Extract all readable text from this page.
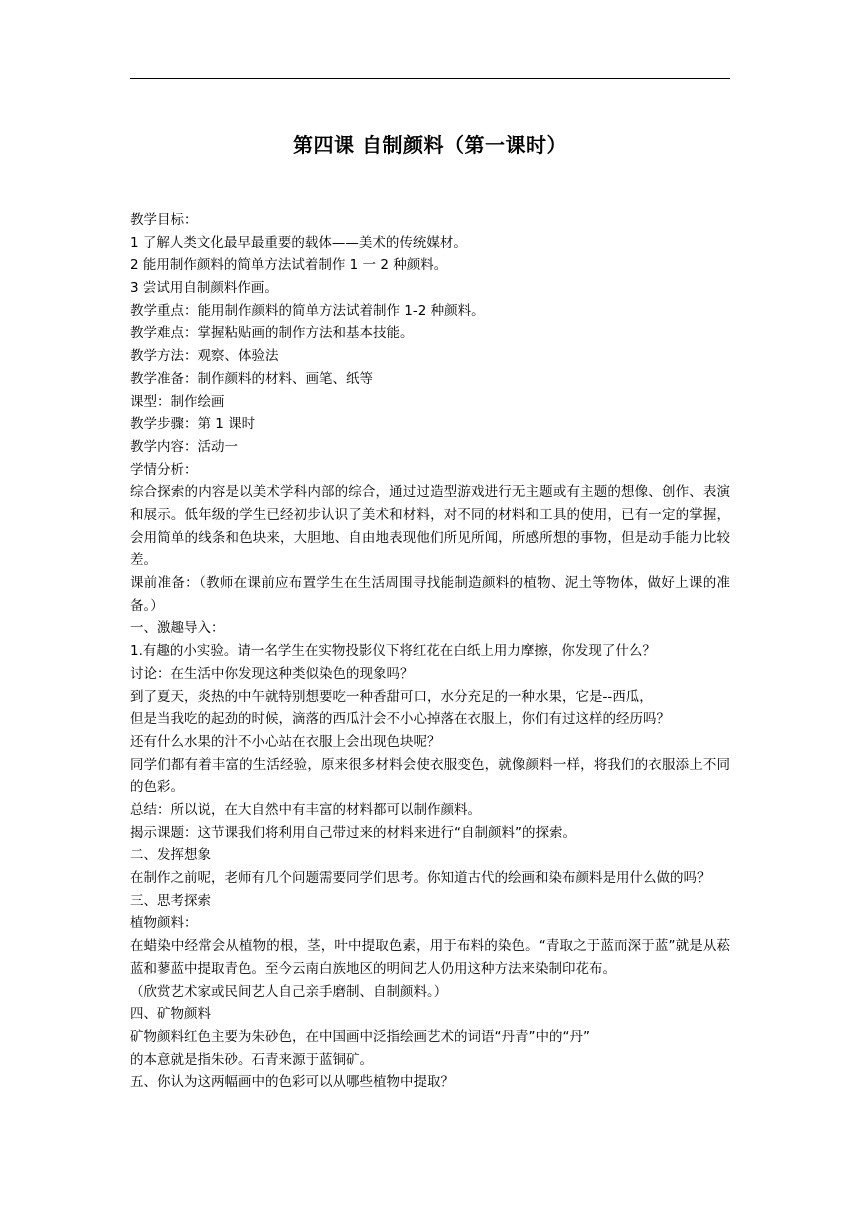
第四课 自制颜料（第一课时）
教学目标：
1 了解人类文化最早最重要的载体——美术的传统媒材。
2 能用制作颜料的简单方法试着制作 1 一 2 种颜料。
3 尝试用自制颜料作画。
教学重点：能用制作颜料的简单方法试着制作 1-2 种颜料。
教学难点：掌握粘贴画的制作方法和基本技能。
教学方法：观察、体验法
教学准备：制作颜料的材料、画笔、纸等
课型：制作绘画
教学步骤：第 1 课时
教学内容：活动一
学情分析：
综合探索的内容是以美术学科内部的综合，通过过造型游戏进行无主题或有主题的想像、创作、表演和展示。低年级的学生已经初步认识了美术和材料，对不同的材料和工具的使用，已有一定的掌握，会用简单的线条和色块来，大胆地、自由地表现他们所见所闻，所感所想的事物，但是动手能力比较差。
课前准备：（教师在课前应布置学生在生活周围寻找能制造颜料的植物、泥土等物体，做好上课的准备。）
一、激趣导入：
1.有趣的小实验。请一名学生在实物投影仪下将红花在白纸上用力摩擦，你发现了什么？
讨论：在生活中你发现这种类似染色的现象吗？
到了夏天，炎热的中午就特别想要吃一种香甜可口，水分充足的一种水果，它是--西瓜，
但是当我吃的起劲的时候，滴落的西瓜汁会不小心掉落在衣服上，你们有过这样的经历吗？
还有什么水果的汁不小心站在衣服上会出现色块呢？
同学们都有着丰富的生活经验，原来很多材料会使衣服变色，就像颜料一样，将我们的衣服添上不同的色彩。
总结：所以说，在大自然中有丰富的材料都可以制作颜料。
揭示课题：这节课我们将利用自己带过来的材料来进行“自制颜料”的探索。
二、发挥想象
在制作之前呢，老师有几个问题需要同学们思考。你知道古代的绘画和染布颜料是用什么做的吗？
三、思考探索
植物颜料：
在蜡染中经常会从植物的根，茎，叶中提取色素，用于布料的染色。“青取之于蓝而深于蓝”就是从菘蓝和蓼蓝中提取青色。至今云南白族地区的明间艺人仍用这种方法来染制印花布。
（欣赏艺术家或民间艺人自己亲手磨制、自制颜料。）
四、矿物颜料
矿物颜料红色主要为朱砂色，在中国画中泛指绘画艺术的词语“丹青”中的“丹”
的本意就是指朱砂。石青来源于蓝铜矿。
五、你认为这两幅画中的色彩可以从哪些植物中提取？
